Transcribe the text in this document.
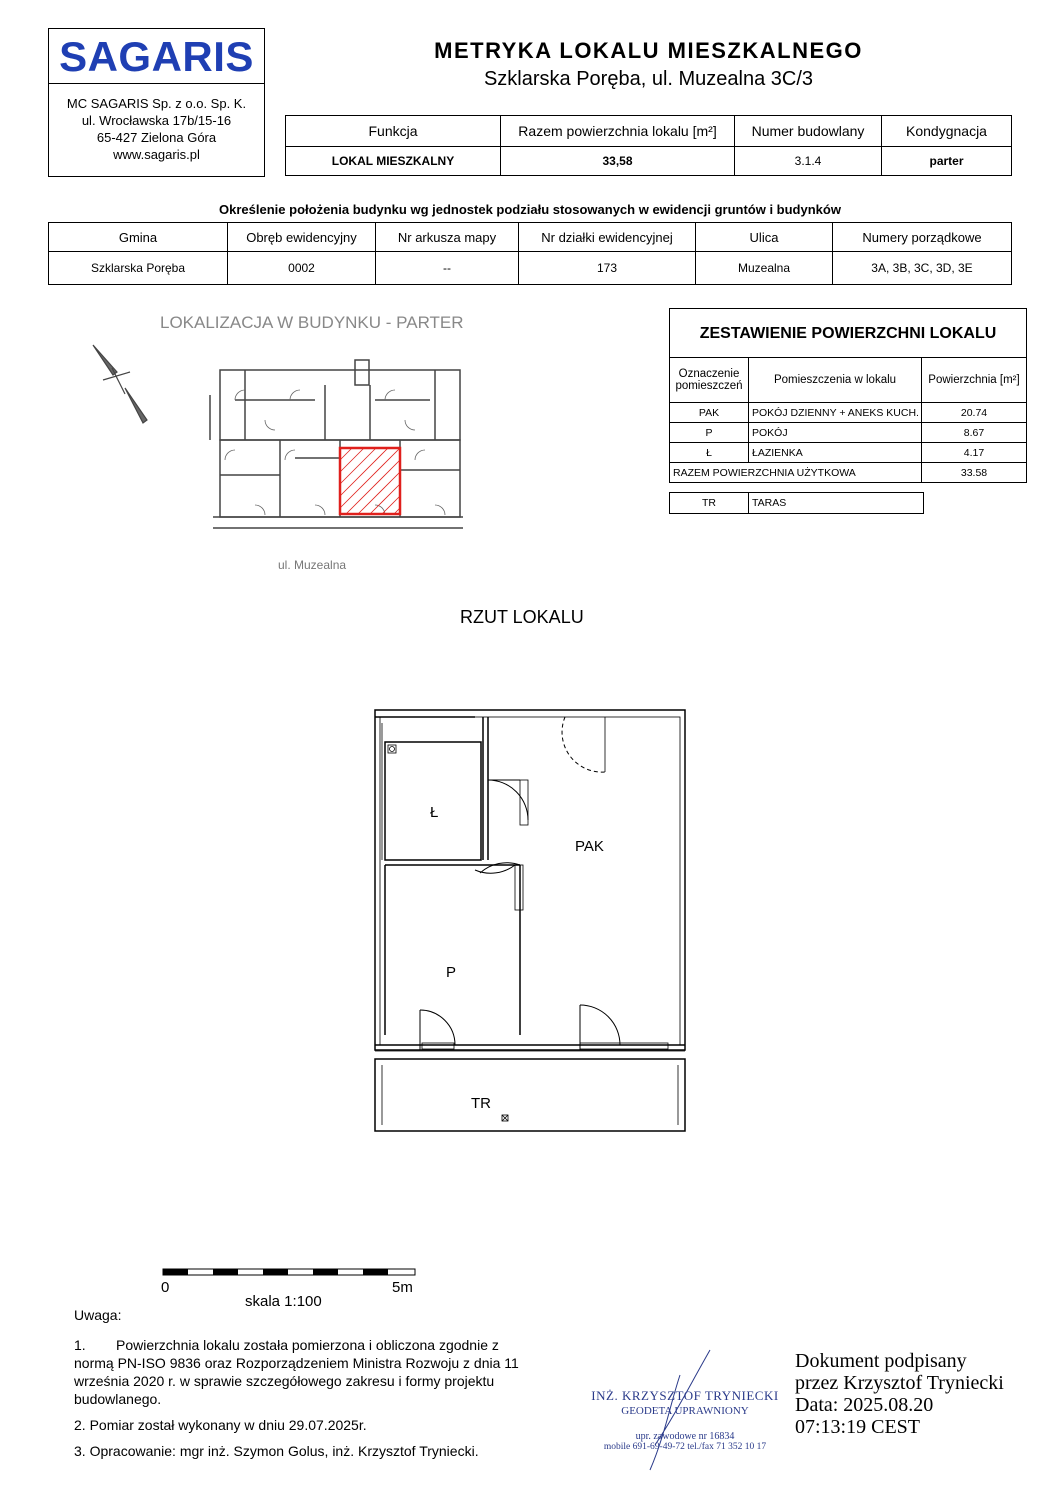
SAGARIS
MC SAGARIS Sp. z o.o. Sp. K.
ul. Wrocławska 17b/15-16
65-427 Zielona Góra
www.sagaris.pl
METRYKA LOKALU MIESZKALNEGO
Szklarska Poręba, ul. Muzealna 3C/3
Funkcja	Razem powierzchnia lokalu [m²]	Numer budowlany	Kondygnacja
LOKAL MIESZKALNY	33,58	3.1.4	parter
Określenie położenia budynku wg jednostek podziału stosowanych w ewidencji gruntów i budynków
Gmina	Obręb ewidencyjny	Nr arkusza mapy	Nr działki ewidencyjnej	Ulica	Numery porządkowe
Szklarska Poręba	0002	--	173	Muzealna	3A, 3B, 3C, 3D, 3E
LOKALIZACJA W BUDYNKU - PARTER
ul. Muzealna
ZESTAWIENIE POWIERZCHNI LOKALU
Oznaczenie pomieszczeń	Pomieszczenia w lokalu	Powierzchnia [m²]
PAK	POKÓJ DZIENNY + ANEKS KUCH.	20.74
P	POKÓJ	8.67
Ł	ŁAZIENKA	4.17
RAZEM POWIERZCHNIA UŻYTKOWA		33.58
TR	TARAS
RZUT LOKALU
Ł
PAK
P
TR
0	5m
skala 1:100

Uwaga:

1. Powierzchnia lokalu została pomierzona i obliczona zgodnie z normą PN-ISO 9836 oraz Rozporządzeniem Ministra Rozwoju z dnia 11 września 2020 r. w sprawie szczegółowego zakresu i formy projektu budowlanego.

2. Pomiar został wykonany w dniu 29.07.2025r.

3. Opracowanie: mgr inż. Szymon Golus, inż. Krzysztof Tryniecki.

INŻ. KRZYSZTOF TRYNIECKI
GEODETA UPRAWNIONY
upr. zawodowe nr 16834
mobile 691-69-49-72 tel./fax 71 352 10 17
Dokument podpisany
przez Krzysztof Tryniecki
Data: 2025.08.20
07:13:19 CEST
